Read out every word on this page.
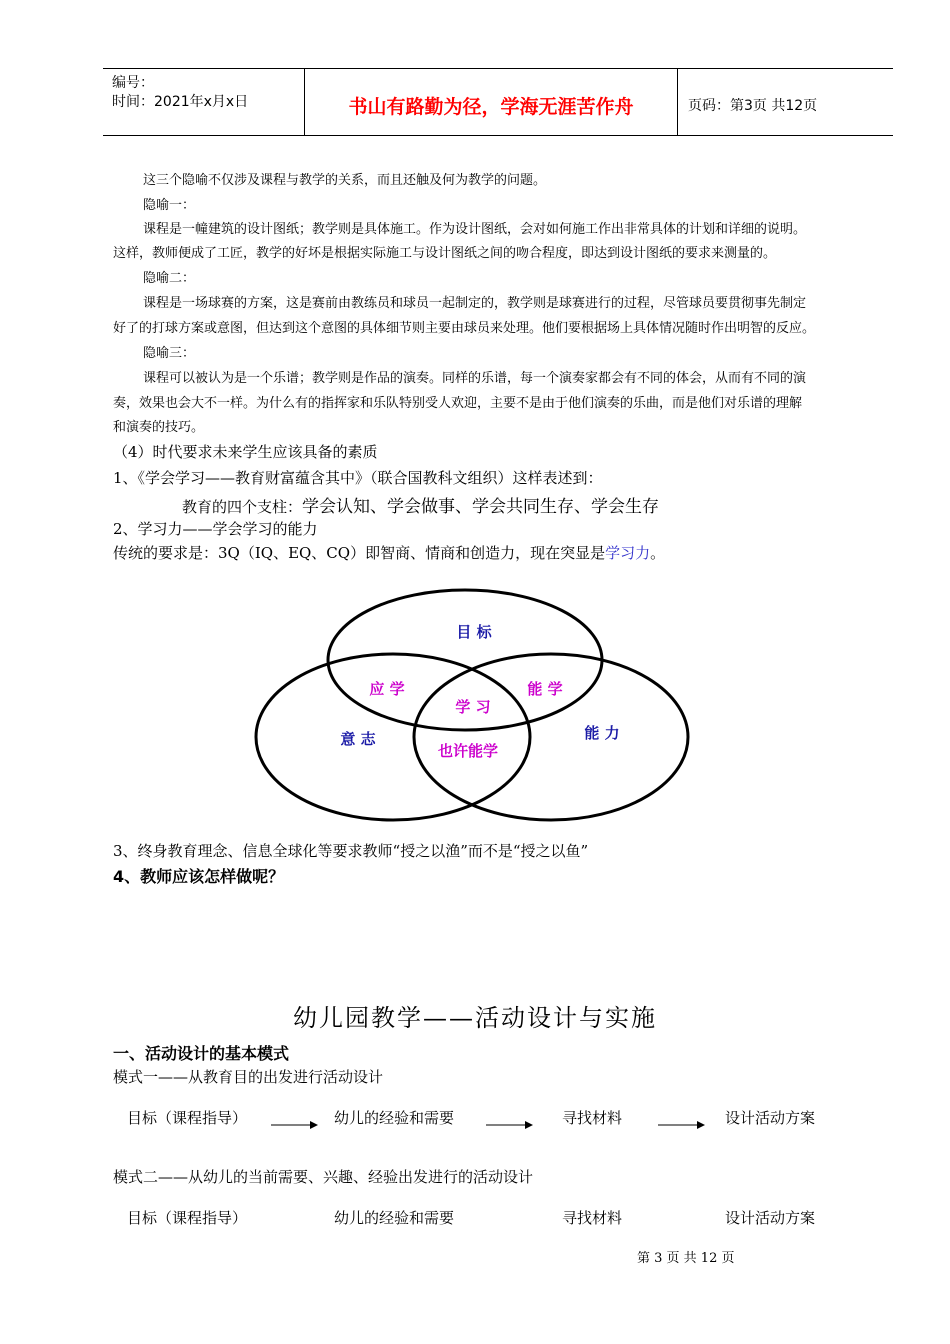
编号：
时间：2021年x月x日	书山有路勤为径，学海无涯苦作舟	页码：第3页 共12页
这三个隐喻不仅涉及课程与教学的关系，而且还触及何为教学的问题。
隐喻一：
课程是一幢建筑的设计图纸；教学则是具体施工。作为设计图纸，会对如何施工作出非常具体的计划和详细的说明。
这样，教师便成了工匠，教学的好坏是根据实际施工与设计图纸之间的吻合程度，即达到设计图纸的要求来测量的。
隐喻二：
课程是一场球赛的方案，这是赛前由教练员和球员一起制定的，教学则是球赛进行的过程，尽管球员要贯彻事先制定
好了的打球方案或意图，但达到这个意图的具体细节则主要由球员来处理。他们要根据场上具体情况随时作出明智的反应。
隐喻三：
课程可以被认为是一个乐谱；教学则是作品的演奏。同样的乐谱，每一个演奏家都会有不同的体会，从而有不同的演
奏，效果也会大不一样。为什么有的指挥家和乐队特别受人欢迎，主要不是由于他们演奏的乐曲，而是他们对乐谱的理解
和演奏的技巧。
（4）时代要求未来学生应该具备的素质
1、《学会学习——教育财富蕴含其中》（联合国教科文组织）这样表述到：
教育的四个支柱：学会认知、学会做事、学会共同生存、学会生存
2、学习力——学会学习的能力
传统的要求是：3Q（IQ、EQ、CQ）即智商、情商和创造力，现在突显是学习力。
目 标
意 志	能 力
应 学	能 学
学 习
也许能学
3、终身教育理念、信息全球化等要求教师“授之以渔”而不是“授之以鱼”
4、教师应该怎样做呢？
幼儿园教学——活动设计与实施
一、活动设计的基本模式
模式一——从教育目的出发进行活动设计
目标（课程指导）	幼儿的经验和需要	寻找材料	设计活动方案
模式二——从幼儿的当前需要、兴趣、经验出发进行的活动设计
目标（课程指导）	幼儿的经验和需要	寻找材料	设计活动方案
第 3 页 共 12 页
